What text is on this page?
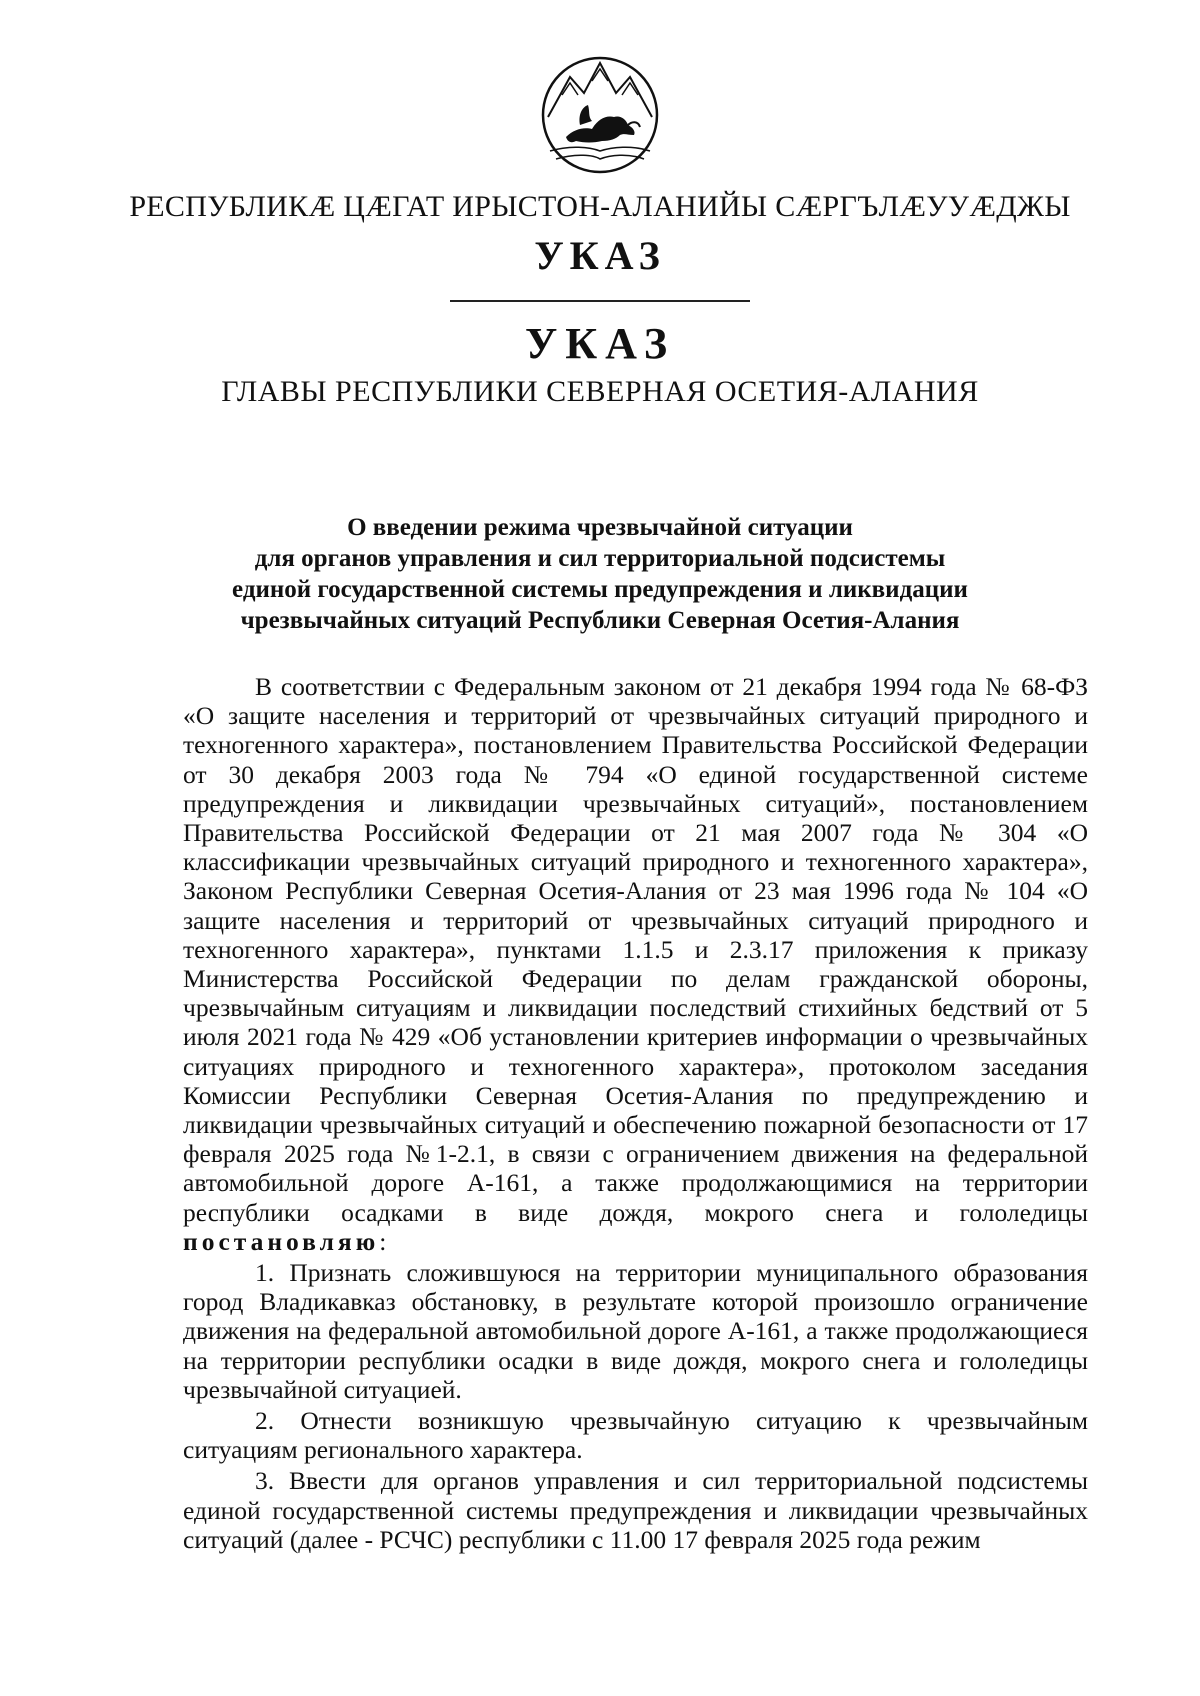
РЕСПУБЛИКÆ ЦÆГАТ ИРЫСТОН-АЛАНИЙЫ СÆРГЪЛÆУУÆДЖЫ
УКАЗ
УКАЗ
ГЛАВЫ РЕСПУБЛИКИ СЕВЕРНАЯ ОСЕТИЯ-АЛАНИЯ
О введении режима чрезвычайной ситуации
для органов управления и сил территориальной подсистемы
единой государственной системы предупреждения и ликвидации
чрезвычайных ситуаций Республики Северная Осетия-Алания

В соответствии с Федеральным законом от 21 декабря 1994 года № 68-ФЗ «О защите населения и территорий от чрезвычайных ситуаций природного и техногенного характера», постановлением Правительства Российской Федерации от 30 декабря 2003 года № 794 «О единой государственной системе предупреждения и ликвидации чрезвычайных ситуаций», постановлением Правительства Российской Федерации от 21 мая 2007 года № 304 «О классификации чрезвычайных ситуаций природного и техногенного характера», Законом Республики Северная Осетия-Алания от 23 мая 1996 года № 104 «О защите населения и территорий от чрезвычайных ситуаций природного и техногенного характера», пунктами 1.1.5 и 2.3.17 приложения к приказу Министерства Российской Федерации по делам гражданской обороны, чрезвычайным ситуациям и ликвидации последствий стихийных бедствий от 5 июля 2021 года № 429 «Об установлении критериев информации о чрезвычайных ситуациях природного и техногенного характера», протоколом заседания Комиссии Республики Северная Осетия-Алания по предупреждению и ликвидации чрезвычайных ситуаций и обеспечению пожарной безопасности от 17 февраля 2025 года №1-2.1, в связи с ограничением движения на федеральной автомобильной дороге А-161, а также продолжающимися на территории республики осадками в виде дождя, мокрого снега и гололедицы постановляю:

1. Признать сложившуюся на территории муниципального образования город Владикавказ обстановку, в результате которой произошло ограничение движения на федеральной автомобильной дороге А-161, а также продолжающиеся на территории республики осадки в виде дождя, мокрого снега и гололедицы чрезвычайной ситуацией.

2. Отнести возникшую чрезвычайную ситуацию к чрезвычайным ситуациям регионального характера.

3. Ввести для органов управления и сил территориальной подсистемы единой государственной системы предупреждения и ликвидации чрезвычайных ситуаций (далее - РСЧС) республики с 11.00 17 февраля 2025 года режим
